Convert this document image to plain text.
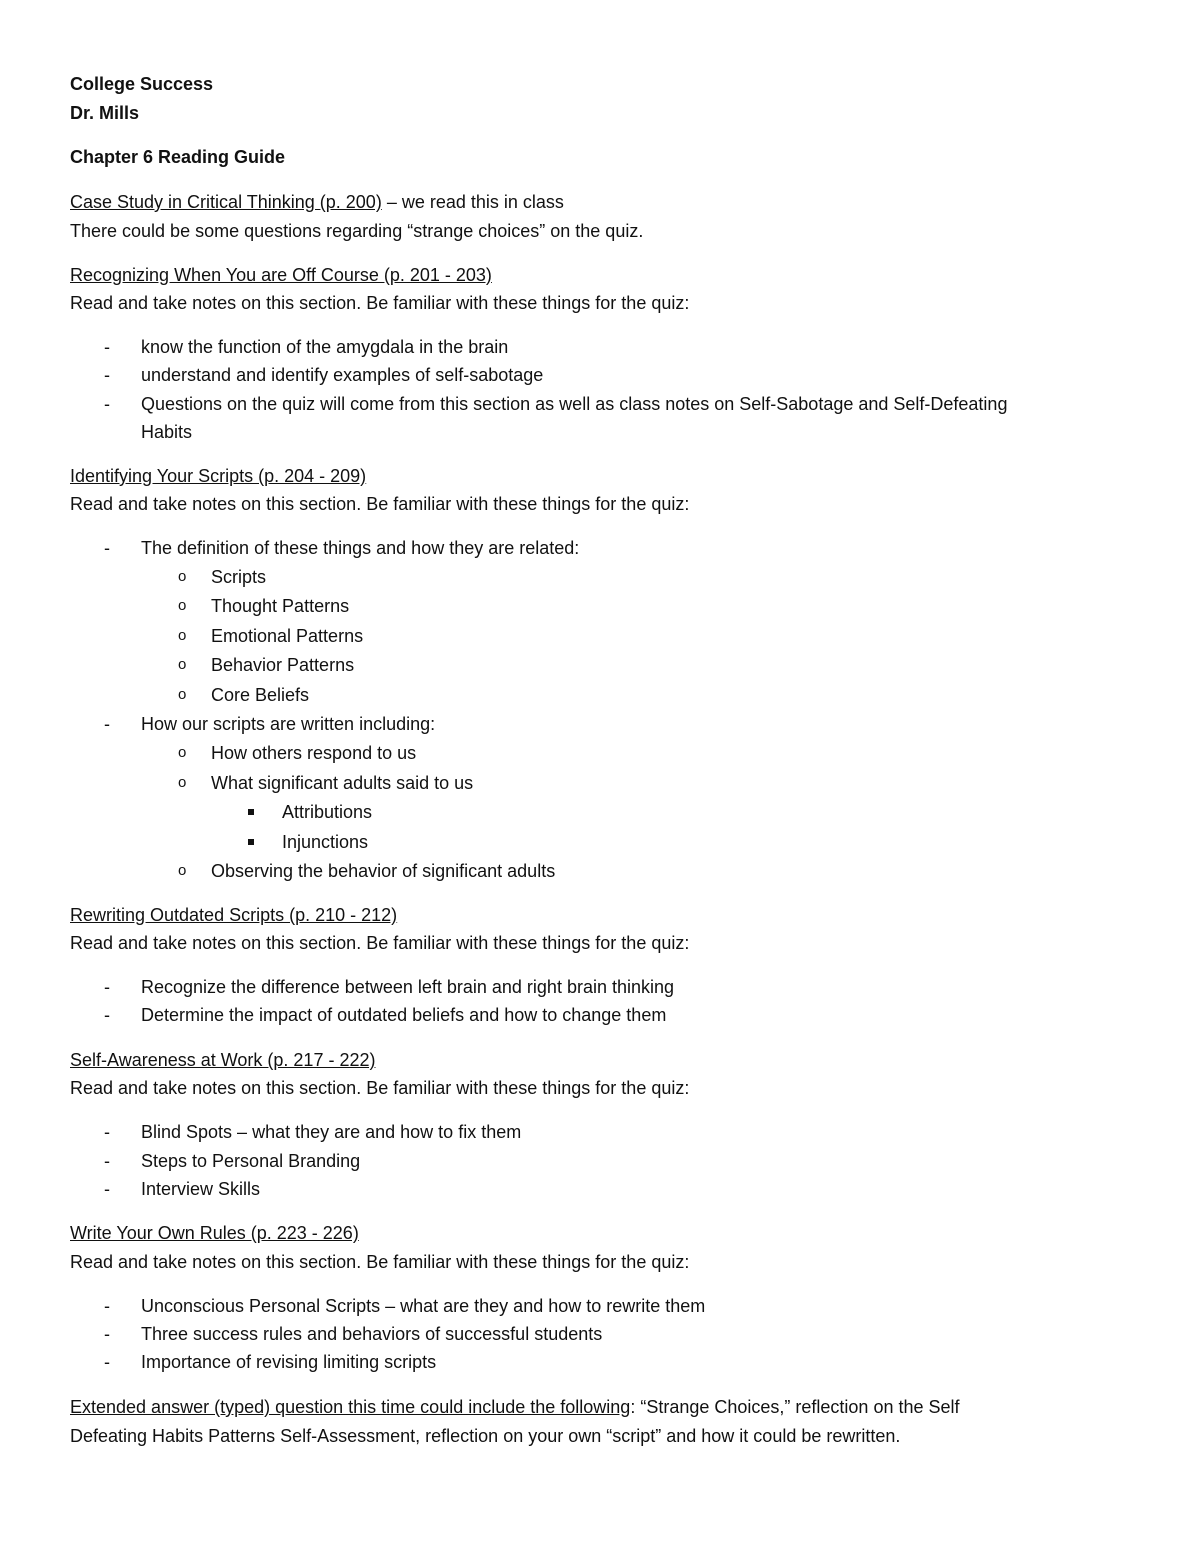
College Success
Dr. Mills
Chapter 6 Reading Guide
Case Study in Critical Thinking (p. 200) – we read this in class
There could be some questions regarding “strange choices” on the quiz.
Recognizing When You are Off Course (p. 201 - 203)
Read and take notes on this section. Be familiar with these things for the quiz:
-	know the function of the amygdala in the brain
-	understand and identify examples of self-sabotage
-	Questions on the quiz will come from this section as well as class notes on Self-Sabotage and Self-Defeating
Habits
Identifying Your Scripts (p. 204 - 209)
Read and take notes on this section. Be familiar with these things for the quiz:
-	The definition of these things and how they are related:
o	Scripts
o	Thought Patterns
o	Emotional Patterns
o	Behavior Patterns
o	Core Beliefs
-	How our scripts are written including:
o	How others respond to us
o	What significant adults said to us
Attributions
Injunctions
o	Observing the behavior of significant adults
Rewriting Outdated Scripts (p. 210 - 212)
Read and take notes on this section. Be familiar with these things for the quiz:
-	Recognize the difference between left brain and right brain thinking
-	Determine the impact of outdated beliefs and how to change them
Self-Awareness at Work (p. 217 - 222)
Read and take notes on this section. Be familiar with these things for the quiz:
-	Blind Spots – what they are and how to fix them
-	Steps to Personal Branding
-	Interview Skills
Write Your Own Rules (p. 223 - 226)
Read and take notes on this section. Be familiar with these things for the quiz:
-	Unconscious Personal Scripts – what are they and how to rewrite them
-	Three success rules and behaviors of successful students
-	Importance of revising limiting scripts
Extended answer (typed) question this time could include the following: “Strange Choices,” reflection on the Self
Defeating Habits Patterns Self-Assessment, reflection on your own “script” and how it could be rewritten.
